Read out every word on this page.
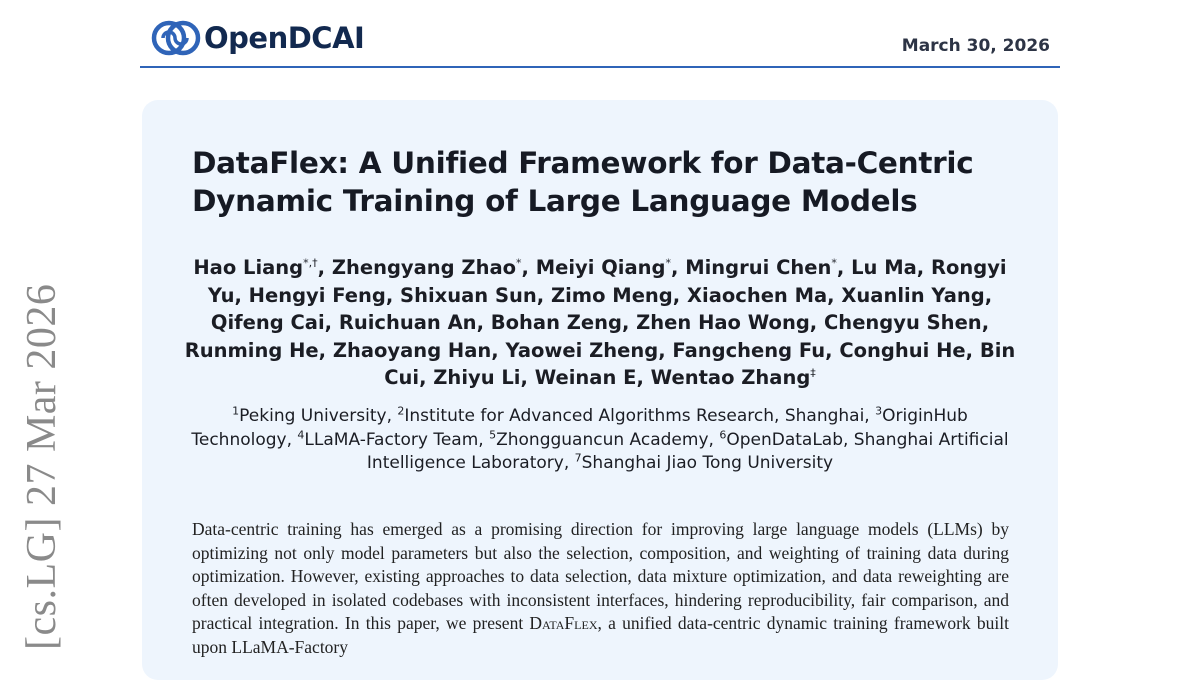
OpenDCAI	March 30, 2026
[cs.LG] 27 Mar 2026
DataFlex: A Unified Framework for Data-Centric
Dynamic Training of Large Language Models
Hao Liang*,†, Zhengyang Zhao*, Meiyi Qiang*, Mingrui Chen*, Lu Ma, Rongyi Yu, Hengyi Feng, Shixuan Sun, Zimo Meng, Xiaochen Ma, Xuanlin Yang, Qifeng Cai, Ruichuan An, Bohan Zeng, Zhen Hao Wong, Chengyu Shen, Runming He, Zhaoyang Han, Yaowei Zheng, Fangcheng Fu, Conghui He, Bin Cui, Zhiyu Li, Weinan E, Wentao Zhang‡
$^1$Peking University, $^2$Institute for Advanced Algorithms Research, Shanghai, $^3$OriginHub Technology, $^4$LLaMA-Factory Team, $^5$Zhongguancun Academy, $^6$OpenDataLab, Shanghai Artificial Intelligence Laboratory, $^7$Shanghai Jiao Tong University
Data-centric training has emerged as a promising direction for improving large language models (LLMs) by optimizing not only model parameters but also the selection, composition, and weighting of training data during optimization. However, existing approaches to data selection, data mixture optimization, and data reweighting are often developed in isolated codebases with inconsistent interfaces, hindering reproducibility, fair comparison, and practical integration. In this paper, we present DataFlex, a unified data-centric dynamic training framework built upon LLaMA-Factory
